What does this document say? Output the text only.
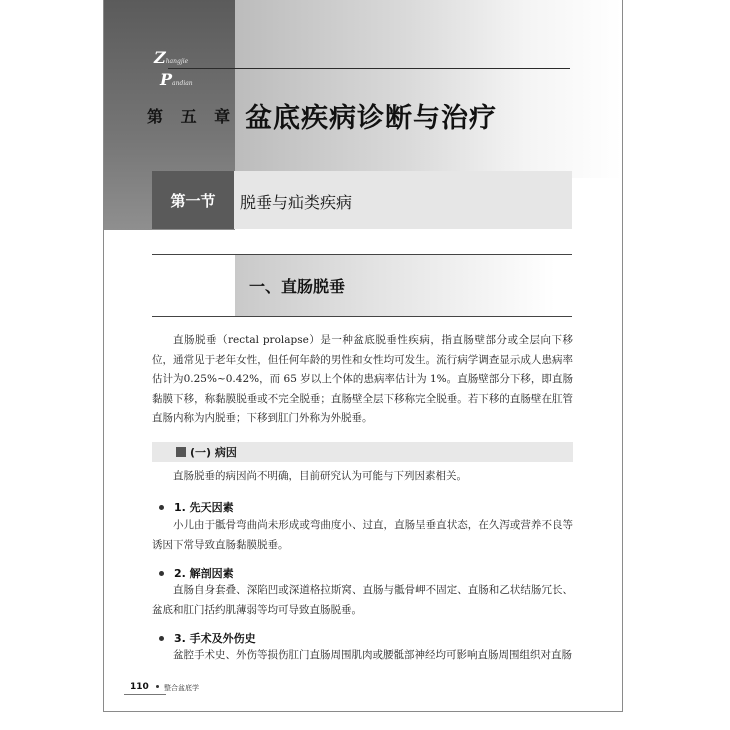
Zhangjie
Pandian
第 五 章 盆底疾病诊断与治疗
第一节	脱垂与疝类疾病
一、直肠脱垂
直肠脱垂（rectal prolapse）是一种盆底脱垂性疾病，指直肠壁部分或全层向下移位，通常见于老年女性，但任何年龄的男性和女性均可发生。流行病学调查显示成人患病率估计为0.25%~0.42%，而 65 岁以上个体的患病率估计为 1%。直肠壁部分下移，即直肠黏膜下移，称黏膜脱垂或不完全脱垂；直肠壁全层下移称完全脱垂。若下移的直肠壁在肛管直肠内称为内脱垂；下移到肛门外称为外脱垂。
(一) 病因
直肠脱垂的病因尚不明确，目前研究认为可能与下列因素相关。
1. 先天因素
小儿由于骶骨弯曲尚未形成或弯曲度小、过直，直肠呈垂直状态，在久泻或营养不良等诱因下常导致直肠黏膜脱垂。
2. 解剖因素
直肠自身套叠、深陷凹或深道格拉斯窝、直肠与骶骨岬不固定、直肠和乙状结肠冗长、盆底和肛门括约肌薄弱等均可导致直肠脱垂。
3. 手术及外伤史
盆腔手术史、外伤等损伤肛门直肠周围肌肉或腰骶部神经均可影响直肠周围组织对直肠
110 整合盆底学
